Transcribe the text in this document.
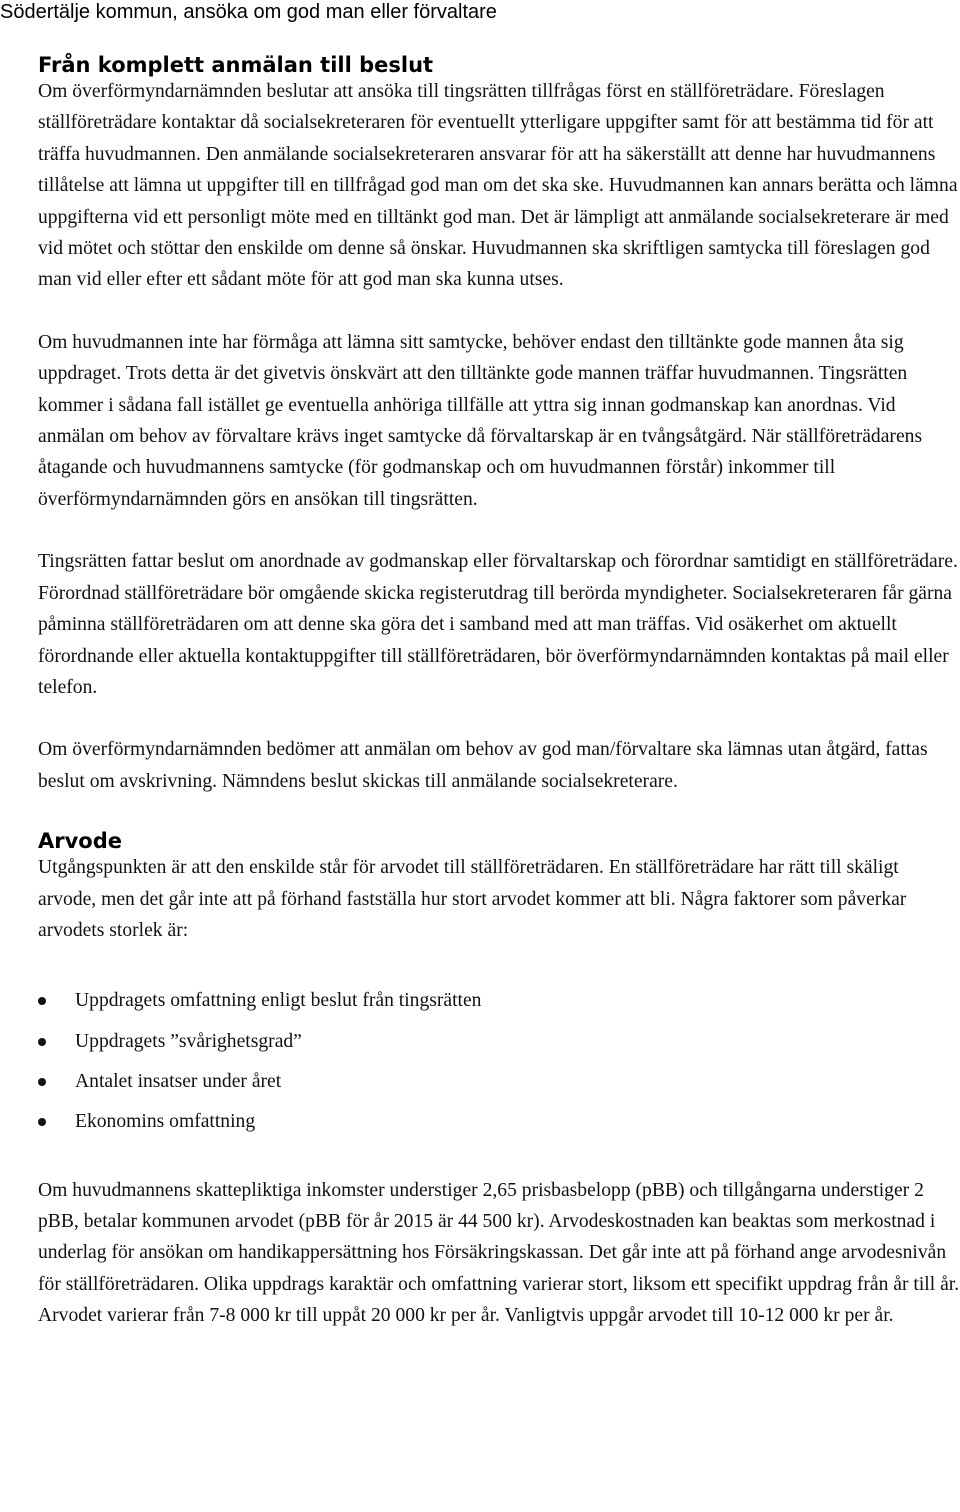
Södertälje kommun, ansöka om god man eller förvaltare
Från komplett anmälan till beslut

Om överförmyndarnämnden beslutar att ansöka till tingsrätten tillfrågas först en ställföreträdare. Föreslagen ställföreträdare kontaktar då socialsekreteraren för eventuellt ytterligare uppgifter samt för att bestämma tid för att träffa huvudmannen. Den anmälande socialsekreteraren ansvarar för att ha säkerställt att denne har huvudmannens tillåtelse att lämna ut uppgifter till en tillfrågad god man om det ska ske. Huvudmannen kan annars berätta och lämna uppgifterna vid ett personligt möte med en tilltänkt god man. Det är lämpligt att anmälande socialsekreterare är med vid mötet och stöttar den enskilde om denne så önskar. Huvudmannen ska skriftligen samtycka till föreslagen god man vid eller efter ett sådant möte för att god man ska kunna utses.

Om huvudmannen inte har förmåga att lämna sitt samtycke, behöver endast den tilltänkte gode mannen åta sig uppdraget. Trots detta är det givetvis önskvärt att den tilltänkte gode mannen träffar huvudmannen. Tingsrätten kommer i sådana fall istället ge eventuella anhöriga tillfälle att yttra sig innan godmanskap kan anordnas. Vid anmälan om behov av förvaltare krävs inget samtycke då förvaltarskap är en tvångsåtgärd. När ställföreträdarens åtagande och huvudmannens samtycke (för godmanskap och om huvudmannen förstår) inkommer till överförmyndarnämnden görs en ansökan till tingsrätten.

Tingsrätten fattar beslut om anordnade av godmanskap eller förvaltarskap och förordnar samtidigt en ställföreträdare. Förordnad ställföreträdare bör omgående skicka registerutdrag till berörda myndigheter. Socialsekreteraren får gärna påminna ställföreträdaren om att denne ska göra det i samband med att man träffas. Vid osäkerhet om aktuellt förordnande eller aktuella kontaktuppgifter till ställföreträdaren, bör överförmyndarnämnden kontaktas på mail eller telefon.

Om överförmyndarnämnden bedömer att anmälan om behov av god man/förvaltare ska lämnas utan åtgärd, fattas beslut om avskrivning. Nämndens beslut skickas till anmälande socialsekreterare.

Arvode

Utgångspunkten är att den enskilde står för arvodet till ställföreträdaren. En ställföreträdare har rätt till skäligt arvode, men det går inte att på förhand fastställa hur stort arvodet kommer att bli. Några faktorer som påverkar arvodets storlek är:

Uppdragets omfattning enligt beslut från tingsrätten
Uppdragets ”svårighetsgrad”
Antalet insatser under året
Ekonomins omfattning

Om huvudmannens skattepliktiga inkomster understiger 2,65 prisbasbelopp (pBB) och tillgångarna understiger 2 pBB, betalar kommunen arvodet (pBB för år 2015 är 44 500 kr). Arvodeskostnaden kan beaktas som merkostnad i underlag för ansökan om handikappersättning hos Försäkringskassan. Det går inte att på förhand ange arvodesnivån för ställföreträdaren. Olika uppdrags karaktär och omfattning varierar stort, liksom ett specifikt uppdrag från år till år. Arvodet varierar från 7-8 000 kr till uppåt 20 000 kr per år. Vanligtvis uppgår arvodet till 10-12 000 kr per år.
